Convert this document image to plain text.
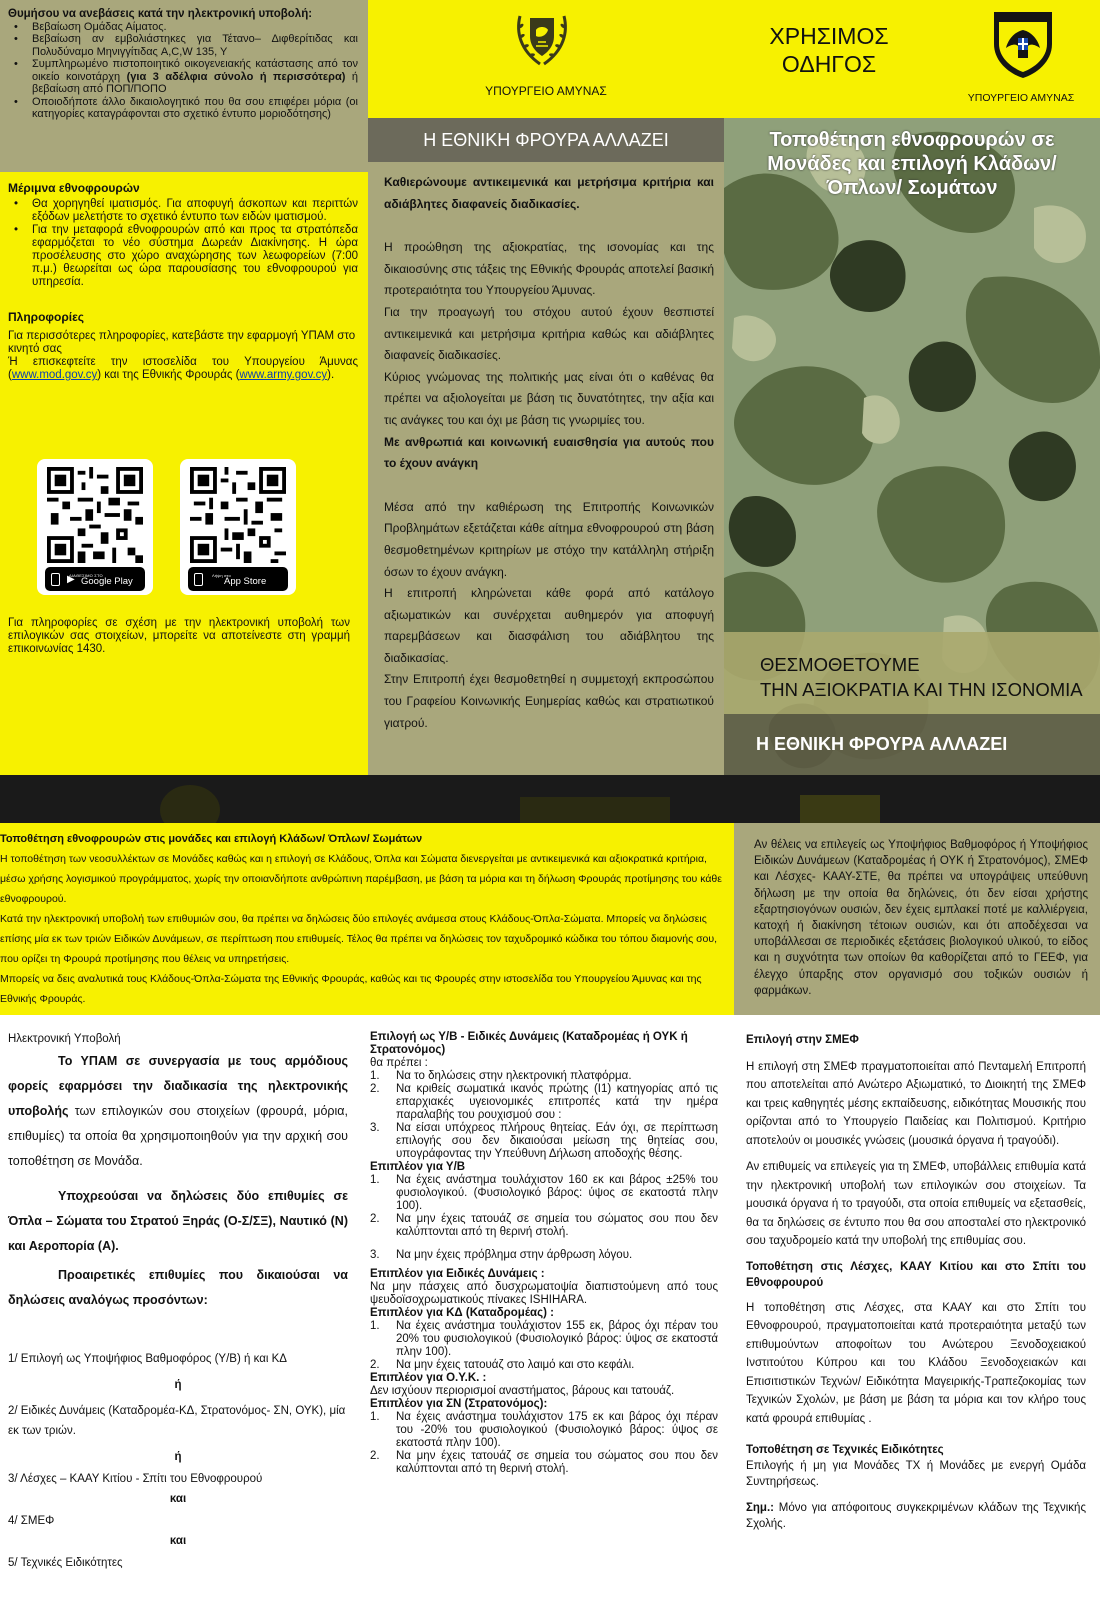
Θυμήσου να ανεβάσεις κατά την ηλεκτρονική υποβολή:
• Βεβαίωση Ομάδας Αίματος.
• Βεβαίωση αν εμβολιάστηκες για Τέτανο– Διφθερίτιδας και Πολυδύναμο Μηνιγγίτιδας A,C,W 135, Y
• Συμπληρωμένο πιστοποιητικό οικογενειακής κατάστασης από τον οικείο κοινοτάρχη (για 3 αδέλφια σύνολο ή περισσότερα) ή βεβαίωση από ΠΟΠ/ΠΟΠΟ
• Οποιοδήποτε άλλο δικαιολογητικό που θα σου επιφέρει μόρια (οι κατηγορίες καταγράφονται στο σχετικό έντυπο μοριοδότησης)
Μέριμνα εθνοφρουρών
• Θα χορηγηθεί ιματισμός. Για αποφυγή άσκοπων και περιττών εξόδων μελετήστε το σχετικό έντυπο των ειδών ιματισμού.
• Για την μεταφορά εθνοφρουρών από και προς τα στρατόπεδα εφαρμόζεται το νέο σύστημα Δωρεάν Διακίνησης. Η ώρα προσέλευσης στο χώρο αναχώρησης των λεωφορείων (7:00 π.μ.) θεωρείται ως ώρα παρουσίασης του εθνοφρουρού για υπηρεσία.
Πληροφορίες
Για περισσότερες πληροφορίες, κατεβάστε την εφαρμογή ΥΠΑΜ στο κινητό σας
Ή επισκεφτείτε την ιστοσελίδα του Υπουργείου Άμυνας (www.mod.gov.cy) και της Εθνικής Φρουράς (www.army.gov.cy).
ΔΙΑΘΕΣΙΜΟ ΣΤΟ
▶ Google Play
Λήψη στο
App Store
Για πληροφορίες σε σχέση με την ηλεκτρονική υποβολή των επιλογικών σας στοιχείων, μπορείτε να αποτείνεστε στη γραμμή επικοινωνίας 1430.
ΥΠΟΥΡΓΕΙΟ ΑΜΥΝΑΣ
Η ΕΘΝΙΚΗ ΦΡΟΥΡΑ ΑΛΛΑΖΕΙ

Καθιερώνουμε αντικειμενικά και μετρήσιμα κριτήρια και αδιάβλητες διαφανείς διαδικασίες.

Η προώθηση της αξιοκρατίας, της ισονομίας και της δικαιοσύνης στις τάξεις της Εθνικής Φρουράς αποτελεί βασική προτεραιότητα του Υπουργείου Άμυνας.

Για την προαγωγή του στόχου αυτού έχουν θεσπιστεί αντικειμενικά και μετρήσιμα κριτήρια καθώς και αδιάβλητες διαφανείς διαδικασίες.

Κύριος γνώμονας της πολιτικής μας είναι ότι ο καθένας θα πρέπει να αξιολογείται με βάση τις δυνατότητες, την αξία και τις ανάγκες του και όχι με βάση τις γνωριμίες του.

Με ανθρωπιά και κοινωνική ευαισθησία για αυτούς που το έχουν ανάγκη

Μέσα από την καθιέρωση της Επιτροπής Κοινωνικών Προβλημάτων εξετάζεται κάθε αίτημα εθνοφρουρού στη βάση θεσμοθετημένων κριτηρίων με στόχο την κατάλληλη στήριξη όσων το έχουν ανάγκη.

Η επιτροπή κληρώνεται κάθε φορά από κατάλογο αξιωματικών και συνέρχεται αυθημερόν για αποφυγή παρεμβάσεων και διασφάλιση του αδιάβλητου της διαδικασίας.

Στην Επιτροπή έχει θεσμοθετηθεί η συμμετοχή εκπροσώπου του Γραφείου Κοινωνικής Ευημερίας καθώς και στρατιωτικού γιατρού.

ΧΡΗΣΙΜΟΣ
ΟΔΗΓΟΣ
ΥΠΟΥΡΓΕΙΟ ΑΜΥΝΑΣ
Τοποθέτηση εθνοφρουρών σε Μονάδες και επιλογή Κλάδων/ Όπλων/ Σωμάτων
ΘΕΣΜΟΘΕΤΟΥΜΕ
ΤΗΝ ΑΞΙΟΚΡΑΤΙΑ ΚΑΙ ΤΗΝ ΙΣΟΝΟΜΙΑ
Η ΕΘΝΙΚΗ ΦΡΟΥΡΑ ΑΛΛΑΖΕΙ
Τοποθέτηση εθνοφρουρών στις μονάδες και επιλογή Κλάδων/ Όπλων/ Σωμάτων
Η τοποθέτηση των νεοσυλλέκτων σε Μονάδες καθώς και η επιλογή σε Κλάδους, Όπλα και Σώματα διενεργείται με αντικειμενικά και αξιοκρατικά κριτήρια, μέσω χρήσης λογισμικού προγράμματος, χωρίς την οποιανδήποτε ανθρώπινη παρέμβαση, με βάση τα μόρια και τη δήλωση Φρουράς προτίμησης του κάθε εθνοφρουρού.
Κατά την ηλεκτρονική υποβολή των επιθυμιών σου, θα πρέπει να δηλώσεις δύο επιλογές ανάμεσα στους Κλάδους-Όπλα-Σώματα. Μπορείς να δηλώσεις επίσης μία εκ των τριών Ειδικών Δυνάμεων, σε περίπτωση που επιθυμείς. Τέλος θα πρέπει να δηλώσεις τον ταχυδρομικό κώδικα του τόπου διαμονής σου, που ορίζει τη Φρουρά προτίμησης που θέλεις να υπηρετήσεις.
Μπορείς να δεις αναλυτικά τους Κλάδους-Όπλα-Σώματα της Εθνικής Φρουράς, καθώς και τις Φρουρές στην ιστοσελίδα του Υπουργείου Άμυνας και της Εθνικής Φρουράς.
Αν θέλεις να επιλεγείς ως Υποψήφιος Βαθμοφόρος ή Υποψήφιος Ειδικών Δυνάμεων (Καταδρομέας ή ΟΥΚ ή Στρατονόμος), ΣΜΕΦ και Λέσχες- ΚΑΑΥ-ΣΤΕ, θα πρέπει να υπογράψεις υπεύθυνη δήλωση με την οποία θα δηλώνεις, ότι δεν είσαι χρήστης εξαρτησιογόνων ουσιών, δεν έχεις εμπλακεί ποτέ με καλλιέργεια, κατοχή ή διακίνηση τέτοιων ουσιών, και ότι αποδέχεσαι να υποβάλλεσαι σε περιοδικές εξετάσεις βιολογικού υλικού, το είδος και η συχνότητα των οποίων θα καθορίζεται από το ΓΕΕΦ, για έλεγχο ύπαρξης στον οργανισμό σου τοξικών ουσιών ή φαρμάκων.
Ηλεκτρονική Υποβολή
Το ΥΠΑΜ σε συνεργασία με τους αρμόδιους φορείς εφαρμόσει την διαδικασία της ηλεκτρονικής υποβολής των επιλογικών σου στοιχείων (φρουρά, μόρια, επιθυμίες) τα οποία θα χρησιμοποιηθούν για την αρχική σου τοποθέτηση σε Μονάδα.
Υποχρεούσαι να δηλώσεις δύο επιθυμίες σε Όπλα – Σώματα του Στρατού Ξηράς (Ο-Σ/ΣΞ), Ναυτικό (Ν) και Αεροπορία (Α).
Προαιρετικές επιθυμίες που δικαιούσαι να δηλώσεις αναλόγως προσόντων:
1/ Επιλογή ως Υποψήφιος Βαθμοφόρος (Υ/Β) ή και ΚΔ
ή
2/ Ειδικές Δυνάμεις (Καταδρομέα-ΚΔ, Στρατονόμος- ΣΝ, ΟΥΚ), μία εκ των τριών.
ή
3/ Λέσχες – ΚΑΑΥ Κιτίου - Σπίτι του Εθνοφρουρού
και
4/ ΣΜΕΦ
και
5/ Τεχνικές Ειδικότητες
Επιλογή ως Υ/Β - Ειδικές Δυνάμεις (Καταδρομέας ή ΟΥΚ ή Στρατονόμος)
θα πρέπει :
1. Να το δηλώσεις στην ηλεκτρονική πλατφόρμα.
2. Να κριθείς σωματικά ικανός πρώτης (Ι1) κατηγορίας από τις επαρχιακές υγειονομικές επιτροπές κατά την ημέρα παραλαβής του ρουχισμού σου :
3. Να είσαι υπόχρεος πλήρους θητείας. Εάν όχι, σε περίπτωση επιλογής σου δεν δικαιούσαι μείωση της θητείας σου, υπογράφοντας την Υπεύθυνη Δήλωση αποδοχής θέσης.
Επιπλέον για Υ/Β
1. Να έχεις ανάστημα τουλάχιστον 160 εκ και βάρος ±25% του φυσιολογικού. (Φυσιολογικό βάρος: ύψος σε εκατοστά πλην 100).
2. Να μην έχεις τατουάζ σε σημεία του σώματος σου που δεν καλύπτονται από τη θερινή στολή.
3. Να μην έχεις πρόβλημα στην άρθρωση λόγου.
Επιπλέον για Ειδικές Δυνάμεις :
Να μην πάσχεις από δυσχρωματοψία διαπιστούμενη από τους ψευδοϊσοχρωματικούς πίνακες ISHIHARA.
Επιπλέον για ΚΔ (Καταδρομέας) :
1. Να έχεις ανάστημα τουλάχιστον 155 εκ, βάρος όχι πέραν του 20% του φυσιολογικού (Φυσιολογικό βάρος: ύψος σε εκατοστά πλην 100).
2. Να μην έχεις τατουάζ στο λαιμό και στο κεφάλι.
Επιπλέον για Ο.Υ.Κ. :
Δεν ισχύουν περιορισμοί αναστήματος, βάρους και τατουάζ.
Επιπλέον για ΣΝ (Στρατονόμος):
1. Να έχεις ανάστημα τουλάχιστον 175 εκ και βάρος όχι πέραν του -20% του φυσιολογικού (Φυσιολογικό βάρος: ύψος σε εκατοστά πλην 100).
2. Να μην έχεις τατουάζ σε σημεία του σώματος σου που δεν καλύπτονται από τη θερινή στολή.
Επιλογή στην ΣΜΕΦ
Η επιλογή στη ΣΜΕΦ πραγματοποιείται από Πενταμελή Επιτροπή που αποτελείται από Ανώτερο Αξιωματικό, το Διοικητή της ΣΜΕΦ και τρεις καθηγητές μέσης εκπαίδευσης, ειδικότητας Μουσικής που ορίζονται από το Υπουργείο Παιδείας και Πολιτισμού. Κριτήριο αποτελούν οι μουσικές γνώσεις (μουσικά όργανα ή τραγούδι).
Αν επιθυμείς να επιλεγείς για τη ΣΜΕΦ, υποβάλλεις επιθυμία κατά την ηλεκτρονική υποβολή των επιλογικών σου στοιχείων. Τα μουσικά όργανα ή το τραγούδι, στα οποία επιθυμείς να εξετασθείς, θα τα δηλώσεις σε έντυπο που θα σου αποσταλεί στο ηλεκτρονικό σου ταχυδρομείο κατά την υποβολή της επιθυμίας σου.
Τοποθέτηση στις Λέσχες, ΚΑΑΥ Κιτίου και στο Σπίτι του Εθνοφρουρού
Η τοποθέτηση στις Λέσχες, στα ΚΑΑΥ και στο Σπίτι του Εθνοφρουρού, πραγματοποιείται κατά προτεραιότητα μεταξύ των επιθυμούντων αποφοίτων του Ανώτερου Ξενοδοχειακού Ινστιτούτου Κύπρου και του Κλάδου Ξενοδοχειακών και Επισιτιστικών Τεχνών/ Ειδικότητα Μαγειρικής-Τραπεζοκομίας των Τεχνικών Σχολών, με βάση με βάση τα μόρια και τον κλήρο τους κατά φρουρά επιθυμίας .
Τοποθέτηση σε Τεχνικές Ειδικότητες
Επιλογής ή μη για Μονάδες ΤΧ ή Μονάδες με ενεργή Ομάδα Συντηρήσεως.
Σημ.: Μόνο για απόφοιτους συγκεκριμένων κλάδων της Τεχνικής Σχολής.
